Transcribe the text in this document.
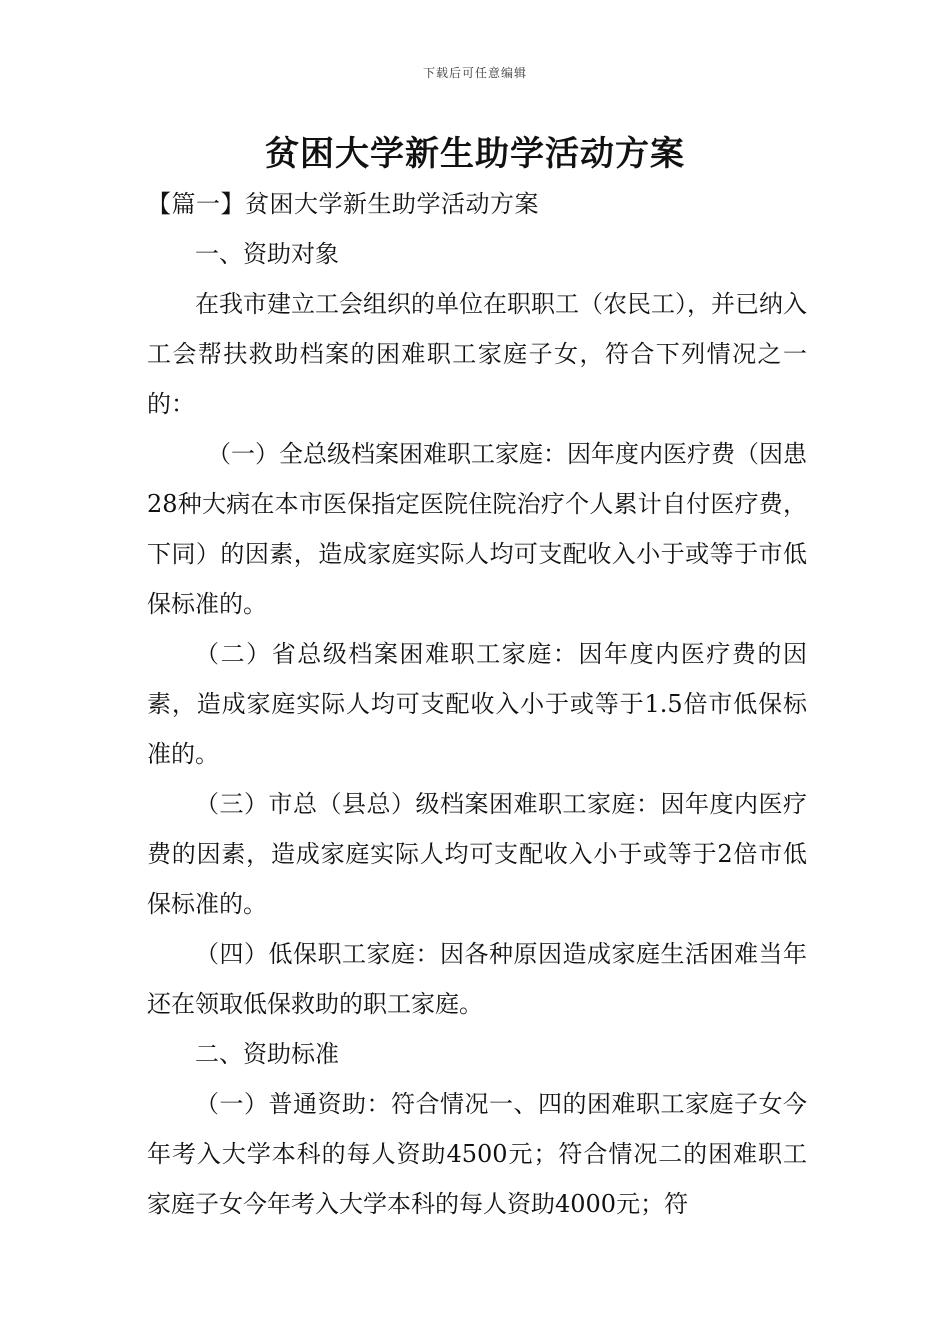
下载后可任意编辑
贫困大学新生助学活动方案

【篇一】贫困大学新生助学活动方案

一、资助对象

在我市建立工会组织的单位在职职工（农民工），并已纳入工会帮扶救助档案的困难职工家庭子女，符合下列情况之一的：

（一）全总级档案困难职工家庭：因年度内医疗费（因患28种大病在本市医保指定医院住院治疗个人累计自付医疗费，下同）的因素，造成家庭实际人均可支配收入小于或等于市低保标准的。

（二）省总级档案困难职工家庭：因年度内医疗费的因素，造成家庭实际人均可支配收入小于或等于1.5倍市低保标准的。

（三）市总（县总）级档案困难职工家庭：因年度内医疗费的因素，造成家庭实际人均可支配收入小于或等于2倍市低保标准的。

（四）低保职工家庭：因各种原因造成家庭生活困难当年还在领取低保救助的职工家庭。

二、资助标准

（一）普通资助：符合情况一、四的困难职工家庭子女今年考入大学本科的每人资助4500元；符合情况二的困难职工家庭子女今年考入大学本科的每人资助4000元；符
